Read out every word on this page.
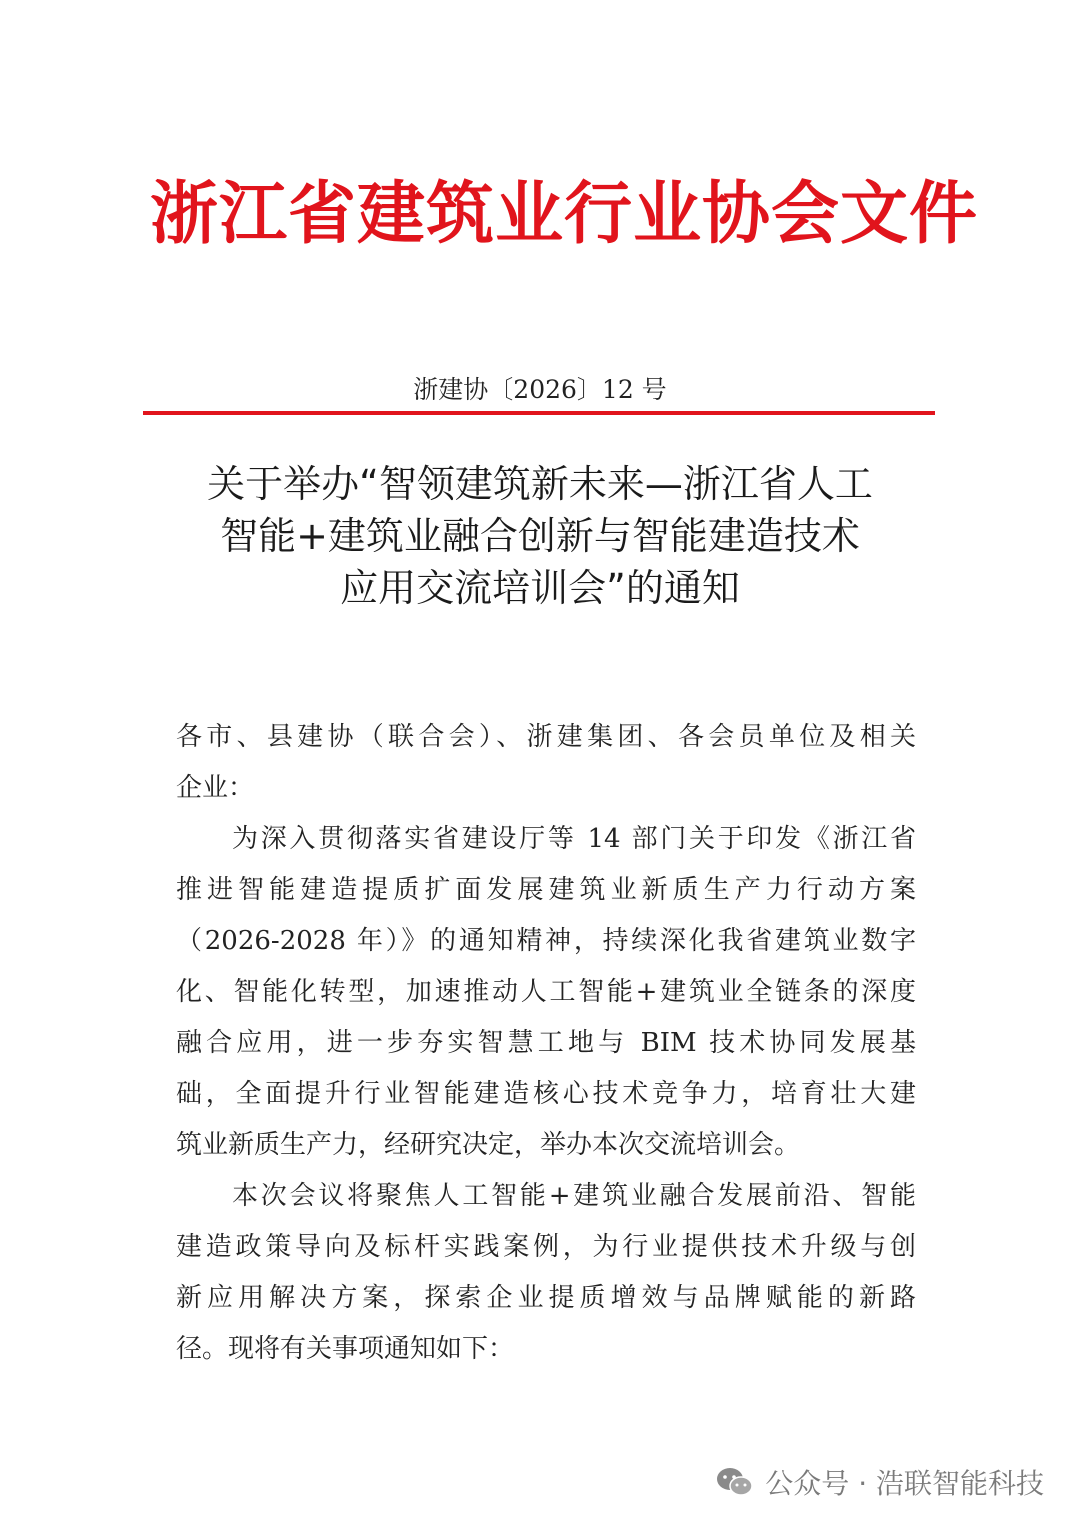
浙江省建筑业行业协会文件
浙建协〔2026〕12 号
关于举办“智领建筑新未来—浙江省人工
智能+建筑业融合创新与智能建造技术
应用交流培训会”的通知
各市、县建协（联合会）、浙建集团、各会员单位及相关
企业：
为深入贯彻落实省建设厅等 14 部门关于印发《浙江省
推进智能建造提质扩面发展建筑业新质生产力行动方案
（2026-2028 年）》的通知精神，持续深化我省建筑业数字
化、智能化转型，加速推动人工智能+建筑业全链条的深度
融合应用，进一步夯实智慧工地与 BIM 技术协同发展基
础，全面提升行业智能建造核心技术竞争力，培育壮大建
筑业新质生产力，经研究决定，举办本次交流培训会。
本次会议将聚焦人工智能+建筑业融合发展前沿、智能
建造政策导向及标杆实践案例，为行业提供技术升级与创
新应用解决方案，探索企业提质增效与品牌赋能的新路
径。现将有关事项通知如下：
公众号 · 浩联智能科技
